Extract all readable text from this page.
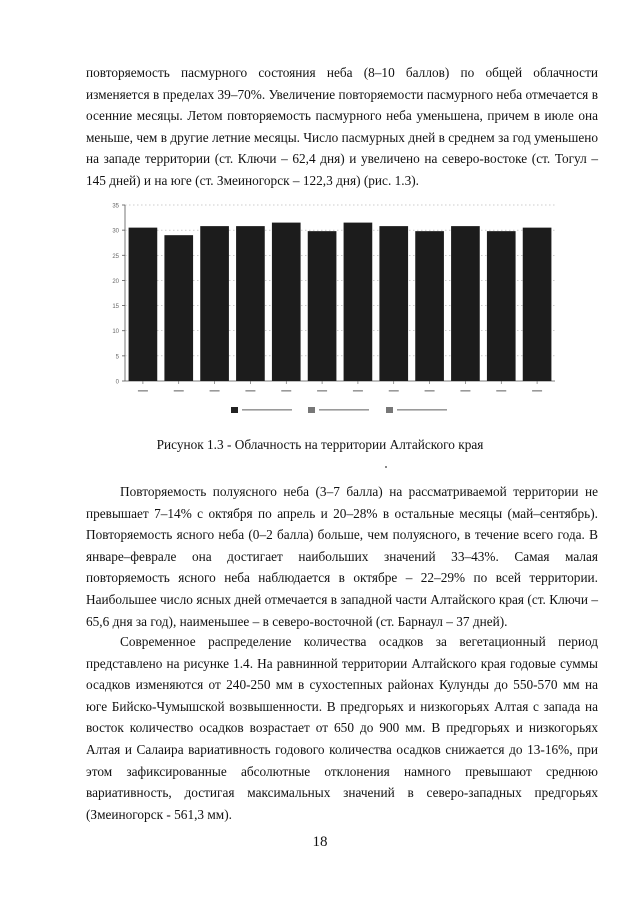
повторяемость пасмурного состояния неба (8–10 баллов) по общей облачности изменяется в пределах 39–70%. Увеличение повторяемости пасмурного неба отмечается в осенние месяцы. Летом повторяемость пасмурного неба уменьшена, причем в июле она меньше, чем в другие летние месяцы. Число пасмурных дней в среднем за год уменьшено на западе территории (ст. Ключи – 62,4 дня) и увеличено на северо-востоке (ст. Тогул – 145 дней) и на юге (ст. Змеиногорск – 122,3 дня) (рис. 1.3).

0
5
10
15
20
25
30
35

Рисунок 1.3 - Облачность на территории Алтайского края

Повторяемость полуясного неба (3–7 балла) на рассматриваемой территории не превышает 7–14% с октября по апрель и 20–28% в остальные месяцы (май–сентябрь). Повторяемость ясного неба (0–2 балла) больше, чем полуясного, в течение всего года. В январе–феврале она достигает наибольших значений 33–43%. Самая малая повторяемость ясного неба наблюдается в октябре – 22–29% по всей территории. Наибольшее число ясных дней отмечается в западной части Алтайского края (ст. Ключи – 65,6 дня за год), наименьшее – в северо-восточной (ст. Барнаул – 37 дней).

Современное распределение количества осадков за вегетационный период представлено на рисунке 1.4. На равнинной территории Алтайского края годовые суммы осадков изменяются от 240-250 мм в сухостепных районах Кулунды до 550-570 мм на юге Бийско-Чумышской возвышенности. В предгорьях и низкогорьях Алтая с запада на восток количество осадков возрастает от 650 до 900 мм. В предгорьях и низкогорьях Алтая и Салаира вариативность годового количества осадков снижается до 13-16%, при этом зафиксированные абсолютные отклонения намного превышают среднюю вариативность, достигая максимальных значений в северо-западных предгорьях (Змеиногорск - 561,3 мм).

18
